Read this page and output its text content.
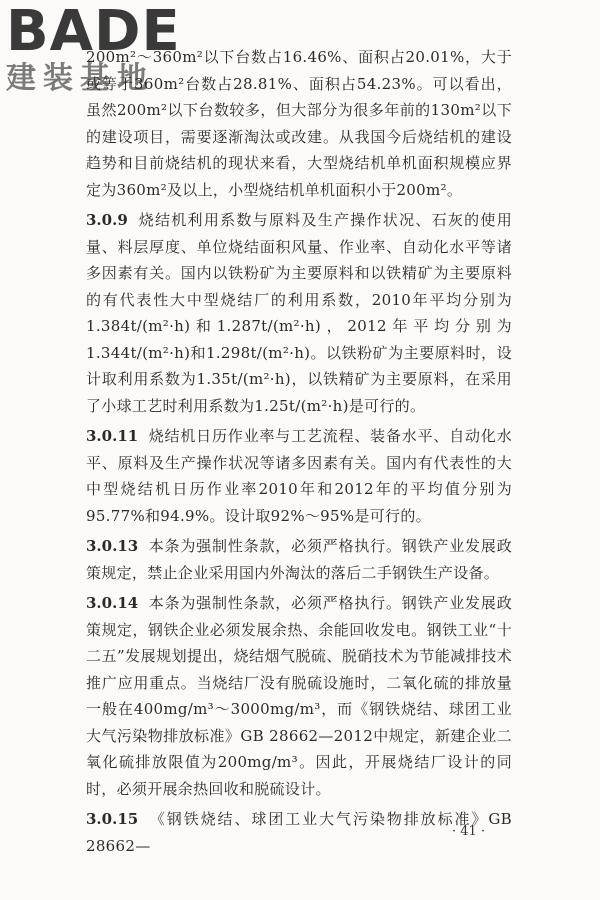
BADE
建装基地

200m²～360m²以下台数占16.46%、面积占20.01%，大于或等于360m²台数占28.81%、面积占54.23%。可以看出，虽然200m²以下台数较多，但大部分为很多年前的130m²以下的建设项目，需要逐渐淘汰或改建。从我国今后烧结机的建设趋势和目前烧结机的现状来看，大型烧结机单机面积规模应界定为360m²及以上，小型烧结机单机面积小于200m²。

3.0.9 烧结机利用系数与原料及生产操作状况、石灰的使用量、料层厚度、单位烧结面积风量、作业率、自动化水平等诸多因素有关。国内以铁粉矿为主要原料和以铁精矿为主要原料的有代表性大中型烧结厂的利用系数，2010年平均分别为1.384t/(m²·h)和1.287t/(m²·h)，2012年平均分别为1.344t/(m²·h)和1.298t/(m²·h)。以铁粉矿为主要原料时，设计取利用系数为1.35t/(m²·h)，以铁精矿为主要原料，在采用了小球工艺时利用系数为1.25t/(m²·h)是可行的。

3.0.11 烧结机日历作业率与工艺流程、装备水平、自动化水平、原料及生产操作状况等诸多因素有关。国内有代表性的大中型烧结机日历作业率2010年和2012年的平均值分别为95.77%和94.9%。设计取92%～95%是可行的。

3.0.13 本条为强制性条款，必须严格执行。钢铁产业发展政策规定，禁止企业采用国内外淘汰的落后二手钢铁生产设备。

3.0.14 本条为强制性条款，必须严格执行。钢铁产业发展政策规定，钢铁企业必须发展余热、余能回收发电。钢铁工业“十二五”发展规划提出，烧结烟气脱硫、脱硝技术为节能减排技术推广应用重点。当烧结厂没有脱硫设施时，二氧化硫的排放量一般在400mg/m³～3000mg/m³，而《钢铁烧结、球团工业大气污染物排放标准》GB 28662—2012中规定，新建企业二氧化硫排放限值为200mg/m³。因此，开展烧结厂设计的同时，必须开展余热回收和脱硫设计。

3.0.15 《钢铁烧结、球团工业大气污染物排放标准》GB 28662—

· 41 ·
